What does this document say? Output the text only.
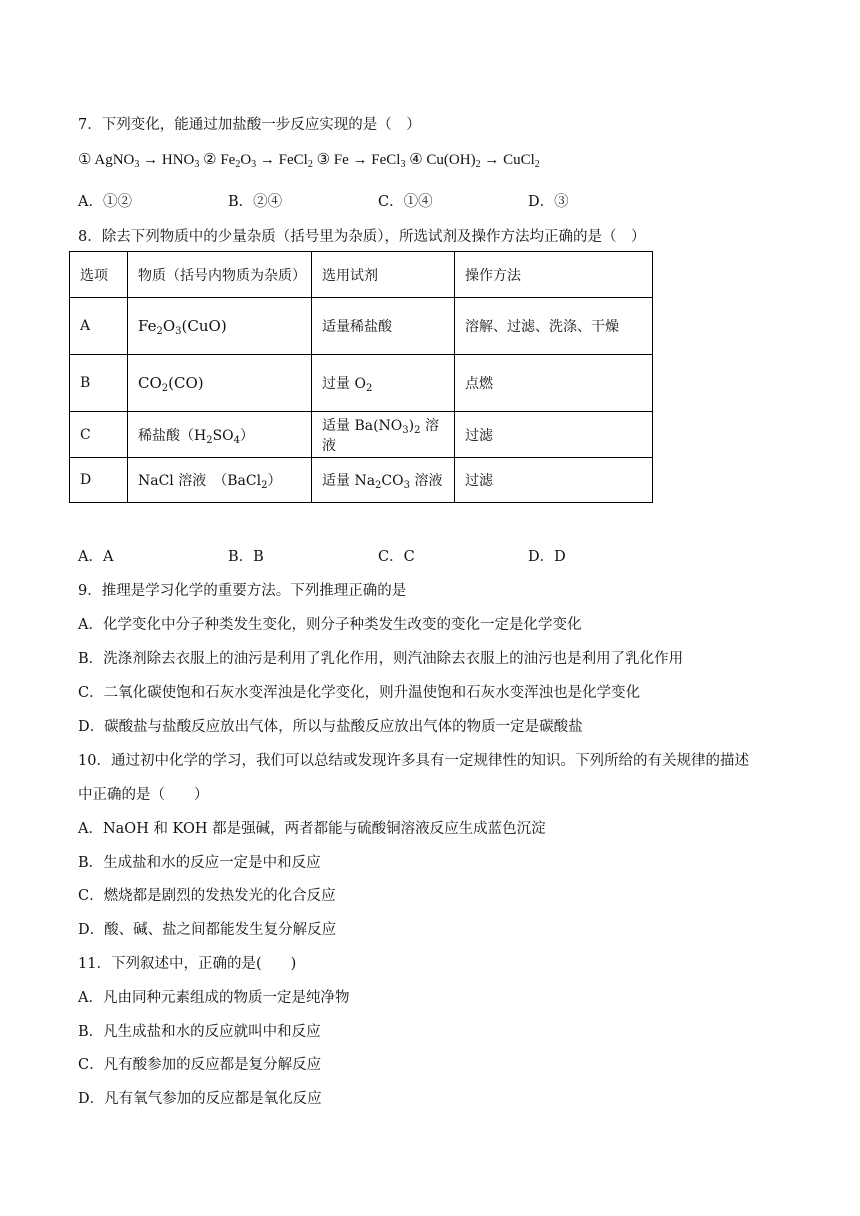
7．下列变化，能通过加盐酸一步反应实现的是（　）
① AgNO$_3$ → $HNO_3$ ② $Fe_2O_3$ → FeCl$_2$ ③ Fe → FeCl$_3$ ④ $Cu(OH)_2$ → CuCl$_2$
A．①②	B．②④	C．①④	D．③
8．除去下列物质中的少量杂质（括号里为杂质），所选试剂及操作方法均正确的是（　）
选项	物质（括号内物质为杂质）	选用试剂	操作方法
A	$Fe_2O_3(CuO)$	适量稀盐酸	溶解、过滤、洗涤、干燥
B	$CO_2(CO)$	过量 $O_2$	点燃
C	稀盐酸$(H_2SO_4)$	适量 $Ba(NO_3)_2$ 溶液	过滤
D	NaCl 溶液　（BaCl$_2$）	适量 $Na_2CO_3$ 溶液	过滤
A．A	B．B	C．C	D．D
9．推理是学习化学的重要方法。下列推理正确的是
A．化学变化中分子种类发生变化，则分子种类发生改变的变化一定是化学变化
B．洗涤剂除去衣服上的油污是利用了乳化作用，则汽油除去衣服上的油污也是利用了乳化作用
C．二氧化碳使饱和石灰水变浑浊是化学变化，则升温使饱和石灰水变浑浊也是化学变化
D．碳酸盐与盐酸反应放出气体，所以与盐酸反应放出气体的物质一定是碳酸盐
10．通过初中化学的学习，我们可以总结或发现许多具有一定规律性的知识。下列所给的有关规律的描述
中正确的是（　　）
A．NaOH 和 KOH 都是强碱，两者都能与硫酸铜溶液反应生成蓝色沉淀
B．生成盐和水的反应一定是中和反应
C．燃烧都是剧烈的发热发光的化合反应
D．酸、碱、盐之间都能发生复分解反应
11．下列叙述中，正确的是(　　)
A．凡由同种元素组成的物质一定是纯净物
B．凡生成盐和水的反应就叫中和反应
C．凡有酸参加的反应都是复分解反应
D．凡有氧气参加的反应都是氧化反应
